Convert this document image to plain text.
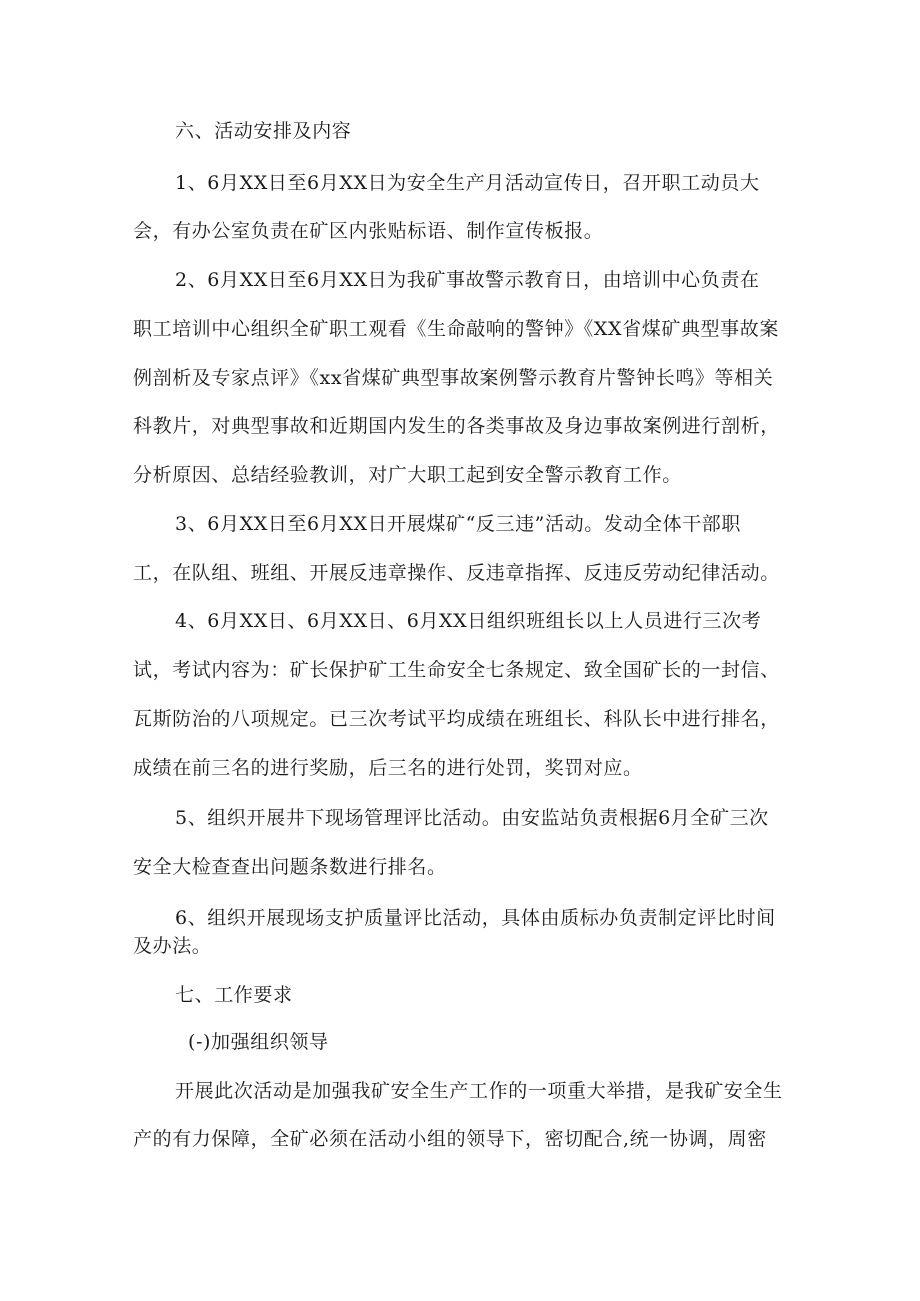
六、活动安排及内容
1、6月XX日至6月XX日为安全生产月活动宣传日，召开职工动员大
会，有办公室负责在矿区内张贴标语、制作宣传板报。
2、6月XX日至6月XX日为我矿事故警示教育日，由培训中心负责在
职工培训中心组织全矿职工观看《生命敲响的警钟》《XX省煤矿典型事故案
例剖析及专家点评》《xx省煤矿典型事故案例警示教育片警钟长鸣》等相关
科教片，对典型事故和近期国内发生的各类事故及身边事故案例进行剖析，
分析原因、总结经验教训，对广大职工起到安全警示教育工作。
3、6月XX日至6月XX日开展煤矿“反三违”活动。发动全体干部职
工，在队组、班组、开展反违章操作、反违章指挥、反违反劳动纪律活动。
4、6月XX日、6月XX日、6月XX日组织班组长以上人员进行三次考
试，考试内容为：矿长保护矿工生命安全七条规定、致全国矿长的一封信、
瓦斯防治的八项规定。已三次考试平均成绩在班组长、科队长中进行排名，
成绩在前三名的进行奖励，后三名的进行处罚，奖罚对应。
5、组织开展井下现场管理评比活动。由安监站负责根据6月全矿三次
安全大检查查出问题条数进行排名。
6、组织开展现场支护质量评比活动，具体由质标办负责制定评比时间
及办法。
七、工作要求
(-)加强组织领导
开展此次活动是加强我矿安全生产工作的一项重大举措，是我矿安全生
产的有力保障，全矿必须在活动小组的领导下，密切配合,统一协调，周密
